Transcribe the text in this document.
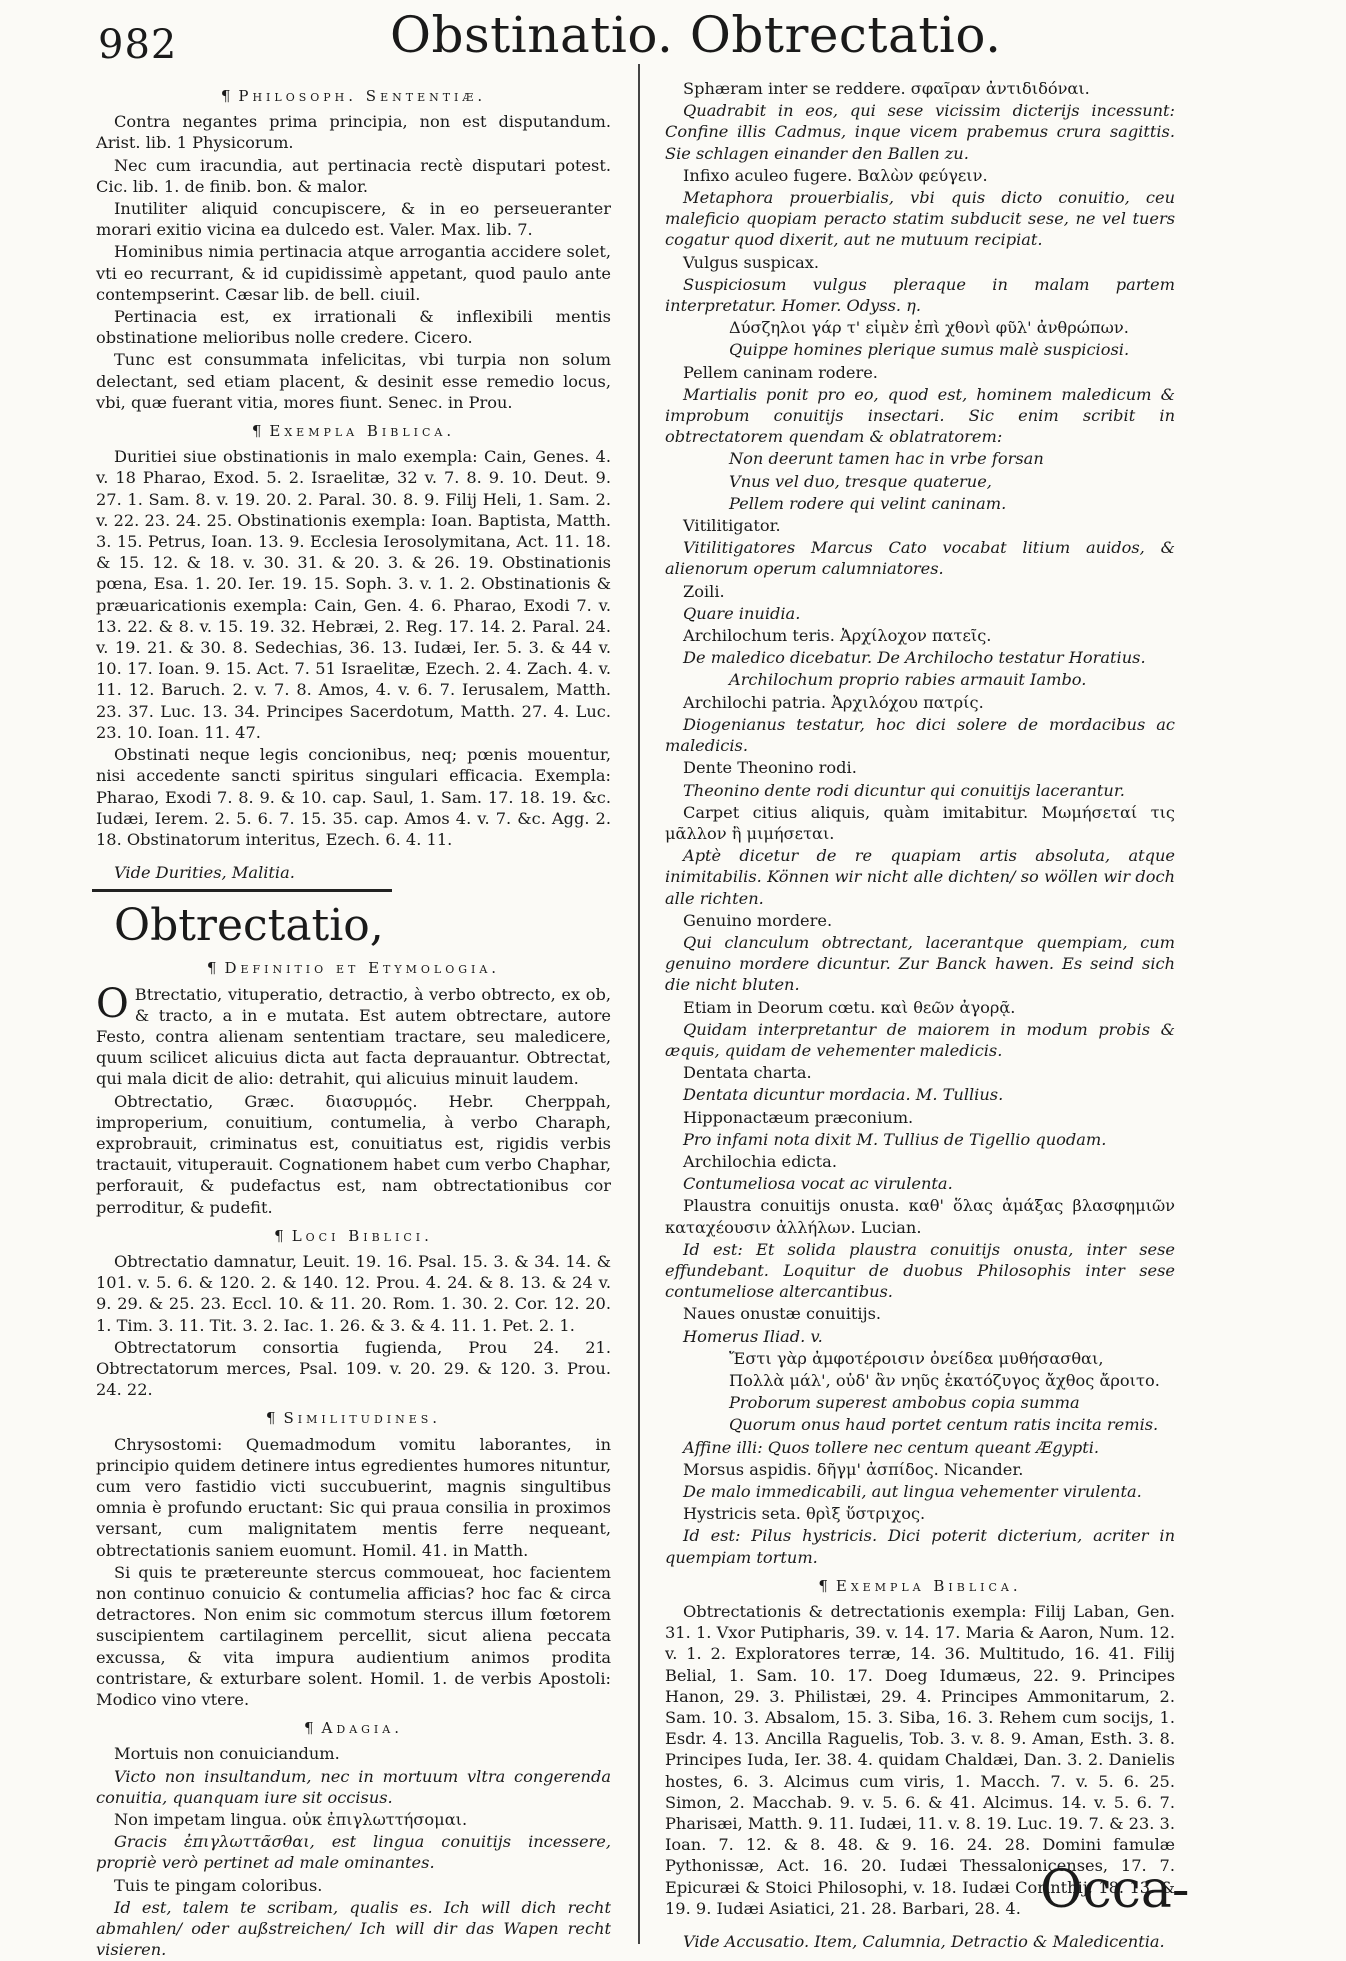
982	Obstinatio. Obtrectatio.
¶ Philosoph. Sententiæ.

Contra negantes prima principia, non est disputandum. Arist. lib. 1 Physicorum.

Nec cum iracundia, aut pertinacia rectè disputari potest. Cic. lib. 1. de finib. bon. & malor.

Inutiliter aliquid concupiscere, & in eo perseueranter morari exitio vicina ea dulcedo est. Valer. Max. lib. 7.

Hominibus nimia pertinacia atque arrogantia accidere solet, vti eo recurrant, & id cupidissimè appetant, quod paulo ante contempserint. Cæsar lib. de bell. ciuil.

Pertinacia est, ex irrationali & inflexibili mentis obstinatione melioribus nolle credere. Cicero.

Tunc est consummata infelicitas, vbi turpia non solum delectant, sed etiam placent, & desinit esse remedio locus, vbi, quæ fuerant vitia, mores fiunt. Senec. in Prou.

¶ Exempla Biblica.

Duritiei siue obstinationis in malo exempla: Cain, Genes. 4. v. 18 Pharao, Exod. 5. 2. Israelitæ, 32 v. 7. 8. 9. 10. Deut. 9. 27. 1. Sam. 8. v. 19. 20. 2. Paral. 30. 8. 9. Filij Heli, 1. Sam. 2. v. 22. 23. 24. 25. Obstinationis exempla: Ioan. Baptista, Matth. 3. 15. Petrus, Ioan. 13. 9. Ecclesia Ierosolymitana, Act. 11. 18. & 15. 12. & 18. v. 30. 31. & 20. 3. & 26. 19. Obstinationis pœna, Esa. 1. 20. Ier. 19. 15. Soph. 3. v. 1. 2. Obstinationis & præuaricationis exempla: Cain, Gen. 4. 6. Pharao, Exodi 7. v. 13. 22. & 8. v. 15. 19. 32. Hebræi, 2. Reg. 17. 14. 2. Paral. 24. v. 19. 21. & 30. 8. Sedechias, 36. 13. Iudæi, Ier. 5. 3. & 44 v. 10. 17. Ioan. 9. 15. Act. 7. 51 Israelitæ, Ezech. 2. 4. Zach. 4. v. 11. 12. Baruch. 2. v. 7. 8. Amos, 4. v. 6. 7. Ierusalem, Matth. 23. 37. Luc. 13. 34. Principes Sacerdotum, Matth. 27. 4. Luc. 23. 10. Ioan. 11. 47.

Obstinati neque legis concionibus, neq; pœnis mouentur, nisi accedente sancti spiritus singulari efficacia. Exempla: Pharao, Exodi 7. 8. 9. & 10. cap. Saul, 1. Sam. 17. 18. 19. &c. Iudæi, Ierem. 2. 5. 6. 7. 15. 35. cap. Amos 4. v. 7. &c. Agg. 2. 18. Obstinatorum interitus, Ezech. 6. 4. 11.

Vide Durities, Malitia.

Obtrectatio,
¶ Definitio et Etymologia.

O Btrectatio, vituperatio, detractio, à verbo obtrecto, ex ob, & tracto, a in e mutata. Est autem obtrectare, autore Festo, contra alienam sententiam tractare, seu maledicere, quum scilicet alicuius dicta aut facta deprauantur. Obtrectat, qui mala dicit de alio: detrahit, qui alicuius minuit laudem.

Obtrectatio, Græc. διασυρμός. Hebr. Cherppah, improperium, conuitium, contumelia, à verbo Charaph, exprobrauit, criminatus est, conuitiatus est, rigidis verbis tractauit, vituperauit. Cognationem habet cum verbo Chaphar, perforauit, & pudefactus est, nam obtrectationibus cor perroditur, & pudefit.

¶ Loci Biblici.

Obtrectatio damnatur, Leuit. 19. 16. Psal. 15. 3. & 34. 14. & 101. v. 5. 6. & 120. 2. & 140. 12. Prou. 4. 24. & 8. 13. & 24 v. 9. 29. & 25. 23. Eccl. 10. & 11. 20. Rom. 1. 30. 2. Cor. 12. 20. 1. Tim. 3. 11. Tit. 3. 2. Iac. 1. 26. & 3. & 4. 11. 1. Pet. 2. 1.

Obtrectatorum consortia fugienda, Prou 24. 21. Obtrectatorum merces, Psal. 109. v. 20. 29. & 120. 3. Prou. 24. 22.

¶ Similitudines.

Chrysostomi: Quemadmodum vomitu laborantes, in principio quidem detinere intus egredientes humores nituntur, cum vero fastidio victi succubuerint, magnis singultibus omnia è profundo eructant: Sic qui praua consilia in proximos versant, cum malignitatem mentis ferre nequeant, obtrectationis saniem euomunt. Homil. 41. in Matth.

Si quis te prætereunte stercus commoueat, hoc facientem non continuo conuicio & contumelia afficias? hoc fac & circa detractores. Non enim sic commotum stercus illum fœtorem suscipientem cartilaginem percellit, sicut aliena peccata excussa, & vita impura audientium animos prodita contristare, & exturbare solent. Homil. 1. de verbis Apostoli: Modico vino vtere.

¶ Adagia.

Mortuis non conuiciandum.

Victo non insultandum, nec in mortuum vltra congerenda conuitia, quanquam iure sit occisus.

Non impetam lingua. οὐκ ἐπιγλωττήσομαι.

Gracis ἐπιγλωττᾶσθαι, est lingua conuitijs incessere, propriè verò pertinet ad male ominantes.

Tuis te pingam coloribus.

Id est, talem te scribam, qualis es. Ich will dich recht abmahlen/ oder außstreichen/ Ich will dir das Wapen recht visieren.

Sphæram inter se reddere. σφαῖραν ἀντιδιδόναι.

Quadrabit in eos, qui sese vicissim dicterijs incessunt: Confine illis Cadmus, inque vicem prabemus crura sagittis. Sie schlagen einander den Ballen zu.

Infixo aculeo fugere. Βαλὼν φεύγειν.

Metaphora prouerbialis, vbi quis dicto conuitio, ceu maleficio quopiam peracto statim subducit sese, ne vel tuers cogatur quod dixerit, aut ne mutuum recipiat.

Vulgus suspicax.

Suspiciosum vulgus pleraque in malam partem interpretatur. Homer. Odyss. η.

Δύσζηλοι γάρ τ' εἰμὲν ἐπὶ χθονὶ φῦλ' ἀνθρώπων.

Quippe homines plerique sumus malè suspiciosi.

Pellem caninam rodere.

Martialis ponit pro eo, quod est, hominem maledicum & improbum conuitijs insectari. Sic enim scribit in obtrectatorem quendam & oblatratorem:

Non deerunt tamen hac in vrbe forsan

Vnus vel duo, tresque quaterue,

Pellem rodere qui velint caninam.

Vitilitigator.

Vitilitigatores Marcus Cato vocabat litium auidos, & alienorum operum calumniatores.

Zoili.

Quare inuidia.

Archilochum teris. Ἀρχίλοχον πατεῖς.

De maledico dicebatur. De Archilocho testatur Horatius.

Archilochum proprio rabies armauit Iambo.

Archilochi patria. Ἀρχιλόχου πατρίς.

Diogenianus testatur, hoc dici solere de mordacibus ac maledicis.

Dente Theonino rodi.

Theonino dente rodi dicuntur qui conuitijs lacerantur.

Carpet citius aliquis, quàm imitabitur. Μωμήσεταί τις μᾶλλον ἢ μιμήσεται.

Aptè dicetur de re quapiam artis absoluta, atque inimitabilis. Können wir nicht alle dichten/ so wöllen wir doch alle richten.

Genuino mordere.

Qui clanculum obtrectant, lacerantque quempiam, cum genuino mordere dicuntur. Zur Banck hawen. Es seind sich die nicht bluten.

Etiam in Deorum cœtu. καὶ θεῶν ἀγορᾷ.

Quidam interpretantur de maiorem in modum probis & æquis, quidam de vehementer maledicis.

Dentata charta.

Dentata dicuntur mordacia. M. Tullius.

Hipponactæum præconium.

Pro infami nota dixit M. Tullius de Tigellio quodam.

Archilochia edicta.

Contumeliosa vocat ac virulenta.

Plaustra conuitijs onusta. καθ' ὅλας ἁμάξας βλασφημιῶν καταχέουσιν ἀλλήλων. Lucian.

Id est: Et solida plaustra conuitijs onusta, inter sese effundebant. Loquitur de duobus Philosophis inter sese contumeliose altercantibus.

Naues onustæ conuitijs.

Homerus Iliad. v.

Ἔστι γὰρ ἀμφοτέροισιν ὀνείδεα μυθήσασθαι,

Πολλὰ μάλ', οὐδ' ἂν νηῦς ἑκατόζυγος ἄχθος ἄροιτο.

Proborum superest ambobus copia summa

Quorum onus haud portet centum ratis incita remis.

Affine illi: Quos tollere nec centum queant Ægypti.

Morsus aspidis. δῆγμ' ἀσπίδος. Nicander.

De malo immedicabili, aut lingua vehementer virulenta.

Hystricis seta. θρὶξ ὕστριχος.

Id est: Pilus hystricis. Dici poterit dicterium, acriter in quempiam tortum.

¶ Exempla Biblica.

Obtrectationis & detrectationis exempla: Filij Laban, Gen. 31. 1. Vxor Putipharis, 39. v. 14. 17. Maria & Aaron, Num. 12. v. 1. 2. Exploratores terræ, 14. 36. Multitudo, 16. 41. Filij Belial, 1. Sam. 10. 17. Doeg Idumæus, 22. 9. Principes Hanon, 29. 3. Philistæi, 29. 4. Principes Ammonitarum, 2. Sam. 10. 3. Absalom, 15. 3. Siba, 16. 3. Rehem cum socijs, 1. Esdr. 4. 13. Ancilla Raguelis, Tob. 3. v. 8. 9. Aman, Esth. 3. 8. Principes Iuda, Ier. 38. 4. quidam Chaldæi, Dan. 3. 2. Danielis hostes, 6. 3. Alcimus cum viris, 1. Macch. 7. v. 5. 6. 25. Simon, 2. Macchab. 9. v. 5. 6. & 41. Alcimus. 14. v. 5. 6. 7. Pharisæi, Matth. 9. 11. Iudæi, 11. v. 8. 19. Luc. 19. 7. & 23. 3. Ioan. 7. 12. & 8. 48. & 9. 16. 24. 28. Domini famulæ Pythonissæ, Act. 16. 20. Iudæi Thessalonicenses, 17. 7. Epicuræi & Stoici Philosophi, v. 18. Iudæi Corinthij, 18. 13. & 19. 9. Iudæi Asiatici, 21. 28. Barbari, 28. 4.

Vide Accusatio. Item, Calumnia, Detractio & Maledicentia.

Occa-
